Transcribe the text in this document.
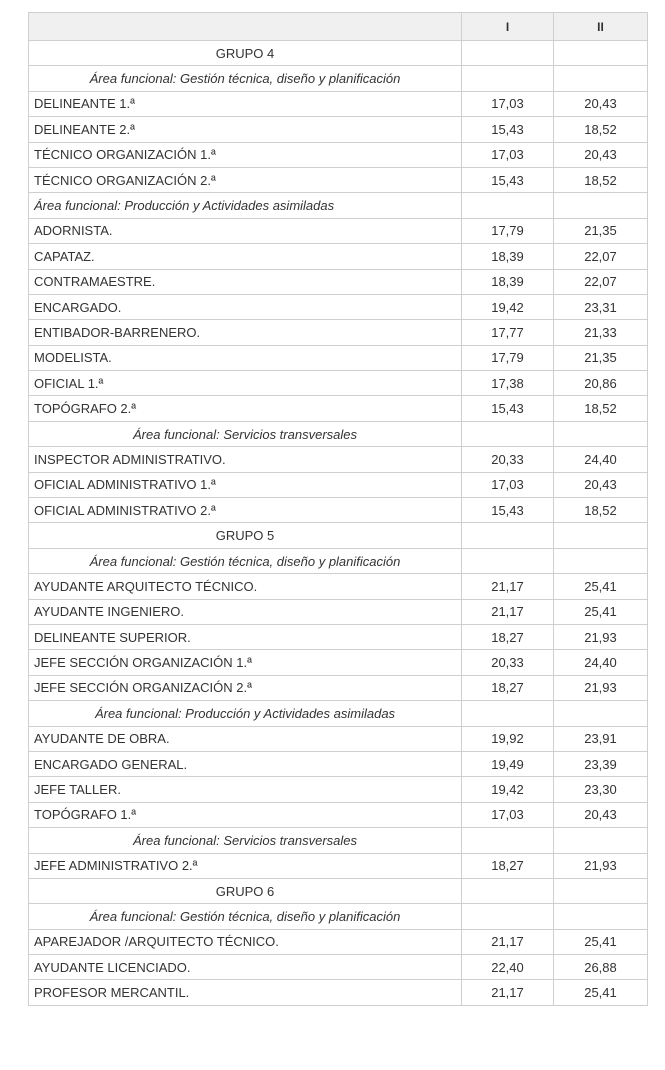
	I	II
GRUPO 4		
Área funcional: Gestión técnica, diseño y planificación		
DELINEANTE 1.ª	17,03	20,43
DELINEANTE 2.ª	15,43	18,52
TÉCNICO ORGANIZACIÓN 1.ª	17,03	20,43
TÉCNICO ORGANIZACIÓN 2.ª	15,43	18,52
Área funcional: Producción y Actividades asimiladas		
ADORNISTA.	17,79	21,35
CAPATAZ.	18,39	22,07
CONTRAMAESTRE.	18,39	22,07
ENCARGADO.	19,42	23,31
ENTIBADOR-BARRENERO.	17,77	21,33
MODELISTA.	17,79	21,35
OFICIAL 1.ª	17,38	20,86
TOPÓGRAFO 2.ª	15,43	18,52
Área funcional: Servicios transversales		
INSPECTOR ADMINISTRATIVO.	20,33	24,40
OFICIAL ADMINISTRATIVO 1.ª	17,03	20,43
OFICIAL ADMINISTRATIVO 2.ª	15,43	18,52
GRUPO 5		
Área funcional: Gestión técnica, diseño y planificación		
AYUDANTE ARQUITECTO TÉCNICO.	21,17	25,41
AYUDANTE INGENIERO.	21,17	25,41
DELINEANTE SUPERIOR.	18,27	21,93
JEFE SECCIÓN ORGANIZACIÓN 1.ª	20,33	24,40
JEFE SECCIÓN ORGANIZACIÓN 2.ª	18,27	21,93
Área funcional: Producción y Actividades asimiladas		
AYUDANTE DE OBRA.	19,92	23,91
ENCARGADO GENERAL.	19,49	23,39
JEFE TALLER.	19,42	23,30
TOPÓGRAFO 1.ª	17,03	20,43
Área funcional: Servicios transversales		
JEFE ADMINISTRATIVO 2.ª	18,27	21,93
GRUPO 6		
Área funcional: Gestión técnica, diseño y planificación		
APAREJADOR /ARQUITECTO TÉCNICO.	21,17	25,41
AYUDANTE LICENCIADO.	22,40	26,88
PROFESOR MERCANTIL.	21,17	25,41
